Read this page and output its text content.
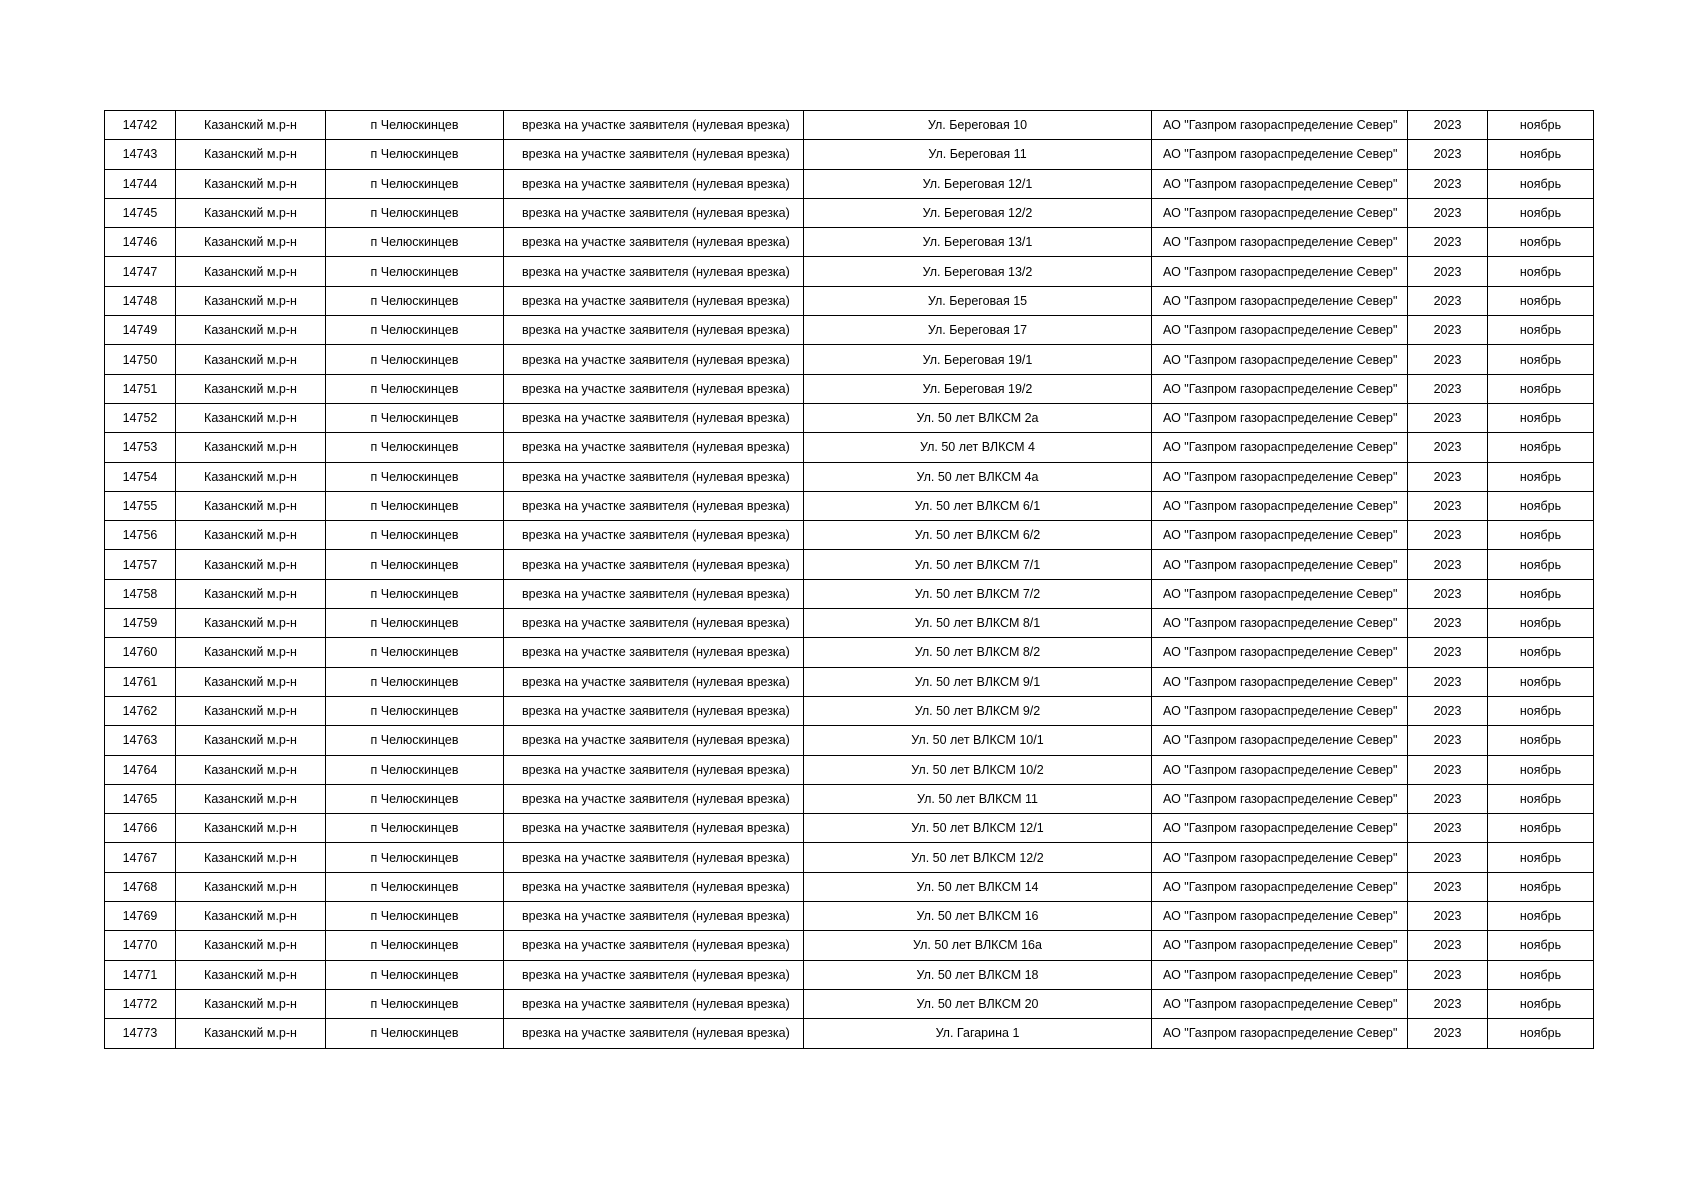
14742	Казанский м.р-н	п Челюскинцев	врезка на участке заявителя (нулевая врезка)	Ул. Береговая 10	АО "Газпром газораспределение Север"	2023	ноябрь
14743	Казанский м.р-н	п Челюскинцев	врезка на участке заявителя (нулевая врезка)	Ул. Береговая 11	АО "Газпром газораспределение Север"	2023	ноябрь
14744	Казанский м.р-н	п Челюскинцев	врезка на участке заявителя (нулевая врезка)	Ул. Береговая 12/1	АО "Газпром газораспределение Север"	2023	ноябрь
14745	Казанский м.р-н	п Челюскинцев	врезка на участке заявителя (нулевая врезка)	Ул. Береговая 12/2	АО "Газпром газораспределение Север"	2023	ноябрь
14746	Казанский м.р-н	п Челюскинцев	врезка на участке заявителя (нулевая врезка)	Ул. Береговая 13/1	АО "Газпром газораспределение Север"	2023	ноябрь
14747	Казанский м.р-н	п Челюскинцев	врезка на участке заявителя (нулевая врезка)	Ул. Береговая 13/2	АО "Газпром газораспределение Север"	2023	ноябрь
14748	Казанский м.р-н	п Челюскинцев	врезка на участке заявителя (нулевая врезка)	Ул. Береговая 15	АО "Газпром газораспределение Север"	2023	ноябрь
14749	Казанский м.р-н	п Челюскинцев	врезка на участке заявителя (нулевая врезка)	Ул. Береговая 17	АО "Газпром газораспределение Север"	2023	ноябрь
14750	Казанский м.р-н	п Челюскинцев	врезка на участке заявителя (нулевая врезка)	Ул. Береговая 19/1	АО "Газпром газораспределение Север"	2023	ноябрь
14751	Казанский м.р-н	п Челюскинцев	врезка на участке заявителя (нулевая врезка)	Ул. Береговая 19/2	АО "Газпром газораспределение Север"	2023	ноябрь
14752	Казанский м.р-н	п Челюскинцев	врезка на участке заявителя (нулевая врезка)	Ул. 50 лет ВЛКСМ 2а	АО "Газпром газораспределение Север"	2023	ноябрь
14753	Казанский м.р-н	п Челюскинцев	врезка на участке заявителя (нулевая врезка)	Ул. 50 лет ВЛКСМ 4	АО "Газпром газораспределение Север"	2023	ноябрь
14754	Казанский м.р-н	п Челюскинцев	врезка на участке заявителя (нулевая врезка)	Ул. 50 лет ВЛКСМ 4а	АО "Газпром газораспределение Север"	2023	ноябрь
14755	Казанский м.р-н	п Челюскинцев	врезка на участке заявителя (нулевая врезка)	Ул. 50 лет ВЛКСМ 6/1	АО "Газпром газораспределение Север"	2023	ноябрь
14756	Казанский м.р-н	п Челюскинцев	врезка на участке заявителя (нулевая врезка)	Ул. 50 лет ВЛКСМ 6/2	АО "Газпром газораспределение Север"	2023	ноябрь
14757	Казанский м.р-н	п Челюскинцев	врезка на участке заявителя (нулевая врезка)	Ул. 50 лет ВЛКСМ 7/1	АО "Газпром газораспределение Север"	2023	ноябрь
14758	Казанский м.р-н	п Челюскинцев	врезка на участке заявителя (нулевая врезка)	Ул. 50 лет ВЛКСМ 7/2	АО "Газпром газораспределение Север"	2023	ноябрь
14759	Казанский м.р-н	п Челюскинцев	врезка на участке заявителя (нулевая врезка)	Ул. 50 лет ВЛКСМ 8/1	АО "Газпром газораспределение Север"	2023	ноябрь
14760	Казанский м.р-н	п Челюскинцев	врезка на участке заявителя (нулевая врезка)	Ул. 50 лет ВЛКСМ 8/2	АО "Газпром газораспределение Север"	2023	ноябрь
14761	Казанский м.р-н	п Челюскинцев	врезка на участке заявителя (нулевая врезка)	Ул. 50 лет ВЛКСМ 9/1	АО "Газпром газораспределение Север"	2023	ноябрь
14762	Казанский м.р-н	п Челюскинцев	врезка на участке заявителя (нулевая врезка)	Ул. 50 лет ВЛКСМ 9/2	АО "Газпром газораспределение Север"	2023	ноябрь
14763	Казанский м.р-н	п Челюскинцев	врезка на участке заявителя (нулевая врезка)	Ул. 50 лет ВЛКСМ 10/1	АО "Газпром газораспределение Север"	2023	ноябрь
14764	Казанский м.р-н	п Челюскинцев	врезка на участке заявителя (нулевая врезка)	Ул. 50 лет ВЛКСМ 10/2	АО "Газпром газораспределение Север"	2023	ноябрь
14765	Казанский м.р-н	п Челюскинцев	врезка на участке заявителя (нулевая врезка)	Ул. 50 лет ВЛКСМ 11	АО "Газпром газораспределение Север"	2023	ноябрь
14766	Казанский м.р-н	п Челюскинцев	врезка на участке заявителя (нулевая врезка)	Ул. 50 лет ВЛКСМ 12/1	АО "Газпром газораспределение Север"	2023	ноябрь
14767	Казанский м.р-н	п Челюскинцев	врезка на участке заявителя (нулевая врезка)	Ул. 50 лет ВЛКСМ 12/2	АО "Газпром газораспределение Север"	2023	ноябрь
14768	Казанский м.р-н	п Челюскинцев	врезка на участке заявителя (нулевая врезка)	Ул. 50 лет ВЛКСМ 14	АО "Газпром газораспределение Север"	2023	ноябрь
14769	Казанский м.р-н	п Челюскинцев	врезка на участке заявителя (нулевая врезка)	Ул. 50 лет ВЛКСМ 16	АО "Газпром газораспределение Север"	2023	ноябрь
14770	Казанский м.р-н	п Челюскинцев	врезка на участке заявителя (нулевая врезка)	Ул. 50 лет ВЛКСМ 16а	АО "Газпром газораспределение Север"	2023	ноябрь
14771	Казанский м.р-н	п Челюскинцев	врезка на участке заявителя (нулевая врезка)	Ул. 50 лет ВЛКСМ 18	АО "Газпром газораспределение Север"	2023	ноябрь
14772	Казанский м.р-н	п Челюскинцев	врезка на участке заявителя (нулевая врезка)	Ул. 50 лет ВЛКСМ 20	АО "Газпром газораспределение Север"	2023	ноябрь
14773	Казанский м.р-н	п Челюскинцев	врезка на участке заявителя (нулевая врезка)	Ул. Гагарина 1	АО "Газпром газораспределение Север"	2023	ноябрь
